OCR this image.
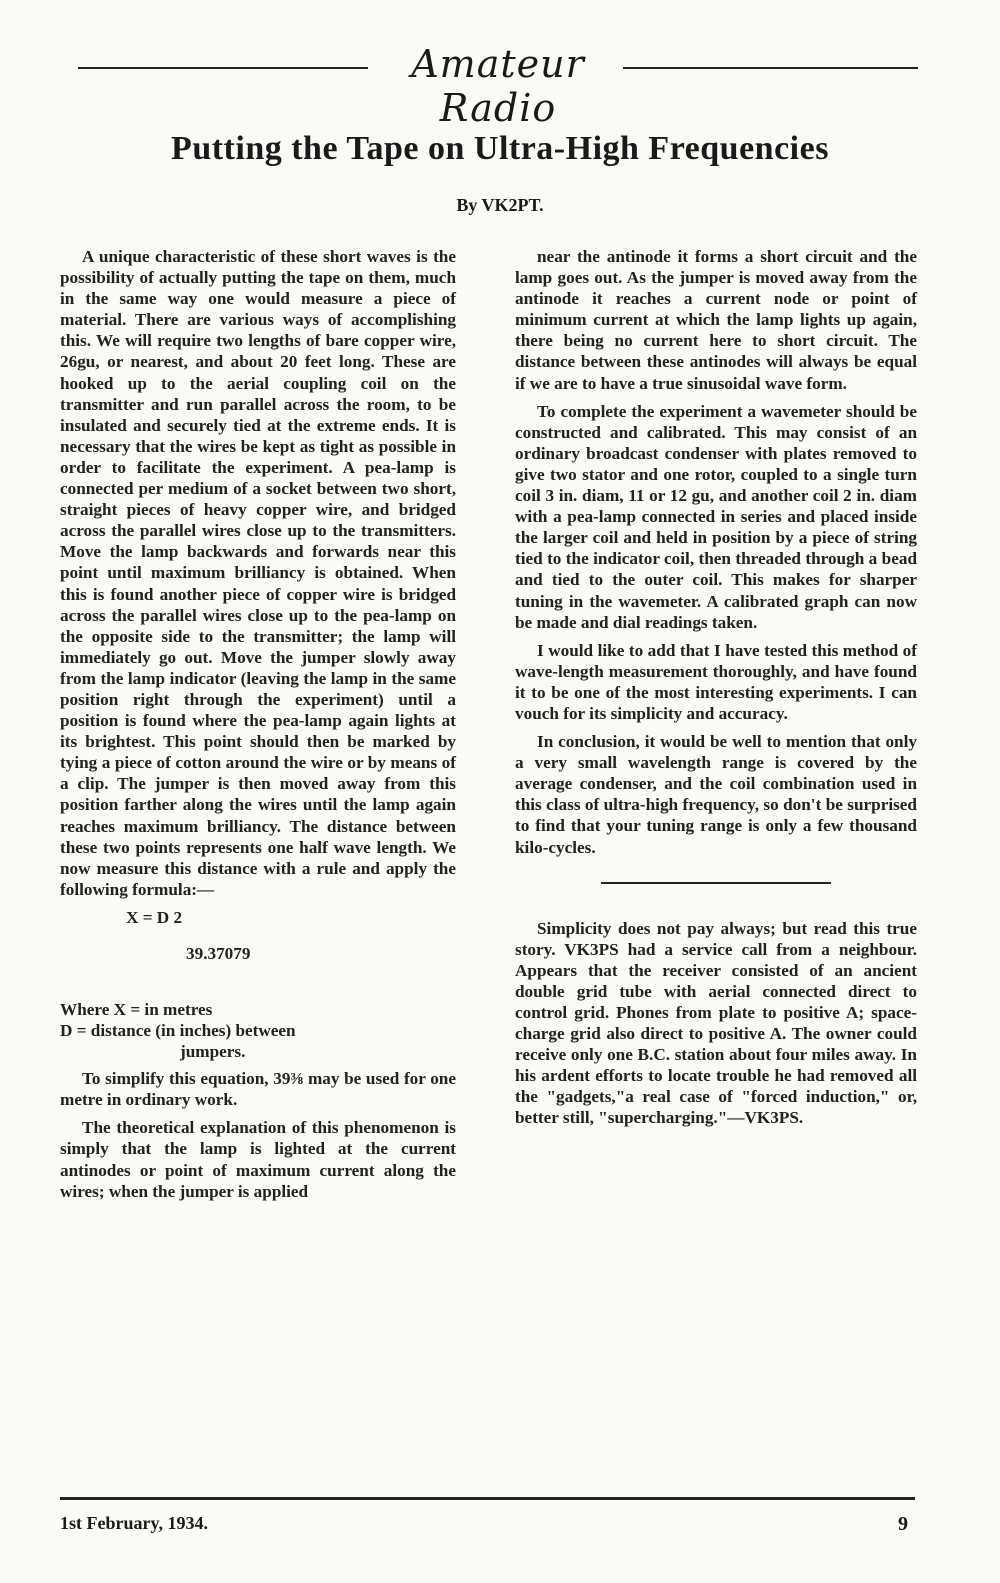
Amateur Radio
Putting the Tape on Ultra-High Frequencies
By VK2PT.

A unique characteristic of these short waves is the possibility of actually putting the tape on them, much in the same way one would measure a piece of material. There are various ways of accomplishing this. We will require two lengths of bare copper wire, 26gu, or nearest, and about 20 feet long. These are hooked up to the aerial coupling coil on the transmitter and run parallel across the room, to be insulated and securely tied at the extreme ends. It is necessary that the wires be kept as tight as possible in order to facilitate the experiment. A pea-lamp is connected per medium of a socket between two short, straight pieces of heavy copper wire, and bridged across the parallel wires close up to the transmitters. Move the lamp backwards and forwards near this point until maximum brilliancy is obtained. When this is found another piece of copper wire is bridged across the parallel wires close up to the pea-lamp on the opposite side to the transmitter; the lamp will immediately go out. Move the jumper slowly away from the lamp indicator (leaving the lamp in the same position right through the experiment) until a position is found where the pea-lamp again lights at its brightest. This point should then be marked by tying a piece of cotton around the wire or by means of a clip. The jumper is then moved away from this position farther along the wires until the lamp again reaches maximum brilliancy. The distance between these two points represents one half wave length. We now measure this distance with a rule and apply the following formula:—

X = D 2
39.37079
Where X = in metres
D = distance (in inches) between
jumpers.

To simplify this equation, 39⅜ may be used for one metre in ordinary work.

The theoretical explanation of this phenomenon is simply that the lamp is lighted at the current antinodes or point of maximum current along the wires; when the jumper is applied

near the antinode it forms a short circuit and the lamp goes out. As the jumper is moved away from the antinode it reaches a current node or point of minimum current at which the lamp lights up again, there being no current here to short circuit. The distance between these antinodes will always be equal if we are to have a true sinusoidal wave form.

To complete the experiment a wavemeter should be constructed and calibrated. This may consist of an ordinary broadcast condenser with plates removed to give two stator and one rotor, coupled to a single turn coil 3 in. diam, 11 or 12 gu, and another coil 2 in. diam with a pea-lamp connected in series and placed inside the larger coil and held in position by a piece of string tied to the indicator coil, then threaded through a bead and tied to the outer coil. This makes for sharper tuning in the wavemeter. A calibrated graph can now be made and dial readings taken.

I would like to add that I have tested this method of wave-length measurement thoroughly, and have found it to be one of the most interesting experiments. I can vouch for its simplicity and accuracy.

In conclusion, it would be well to mention that only a very small wavelength range is covered by the average condenser, and the coil combination used in this class of ultra-high frequency, so don't be surprised to find that your tuning range is only a few thousand kilo-cycles.

Simplicity does not pay always; but read this true story. VK3PS had a service call from a neighbour. Appears that the receiver consisted of an ancient double grid tube with aerial connected direct to control grid. Phones from plate to positive A; space-charge grid also direct to positive A. The owner could receive only one B.C. station about four miles away. In his ardent efforts to locate trouble he had removed all the "gadgets,"a real case of "forced induction," or, better still, "supercharging."—VK3PS.

1st February, 1934.	9
